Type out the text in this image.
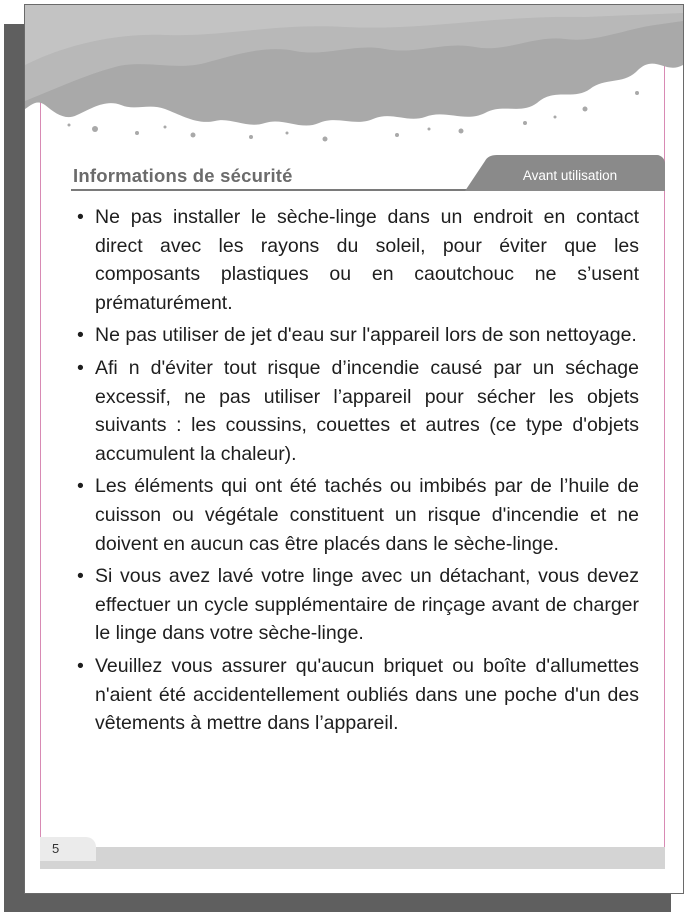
Informations de sécurité	Avant utilisation
• Ne pas installer le sèche-linge dans un endroit en contact direct avec les rayons du soleil, pour éviter que les composants plastiques ou en caoutchouc ne s’usent prématurément.
• Ne pas utiliser de jet d'eau sur l'appareil lors de son nettoyage.
• Afi n d'éviter tout risque d’incendie causé par un séchage excessif, ne pas utiliser l’appareil pour sécher les objets suivants : les coussins, couettes et autres (ce type d'objets accumulent la chaleur).
• Les éléments qui ont été tachés ou imbibés par de l’huile de cuisson ou végétale constituent un risque d'incendie et ne doivent en aucun cas être placés dans le sèche-linge.
• Si vous avez lavé votre linge avec un détachant, vous devez effectuer un cycle supplémentaire de rinçage avant de charger le linge dans votre sèche-linge.
• Veuillez vous assurer qu'aucun briquet ou boîte d'allumettes n'aient été accidentellement oubliés dans une poche d'un des vêtements à mettre dans l’appareil.
5
